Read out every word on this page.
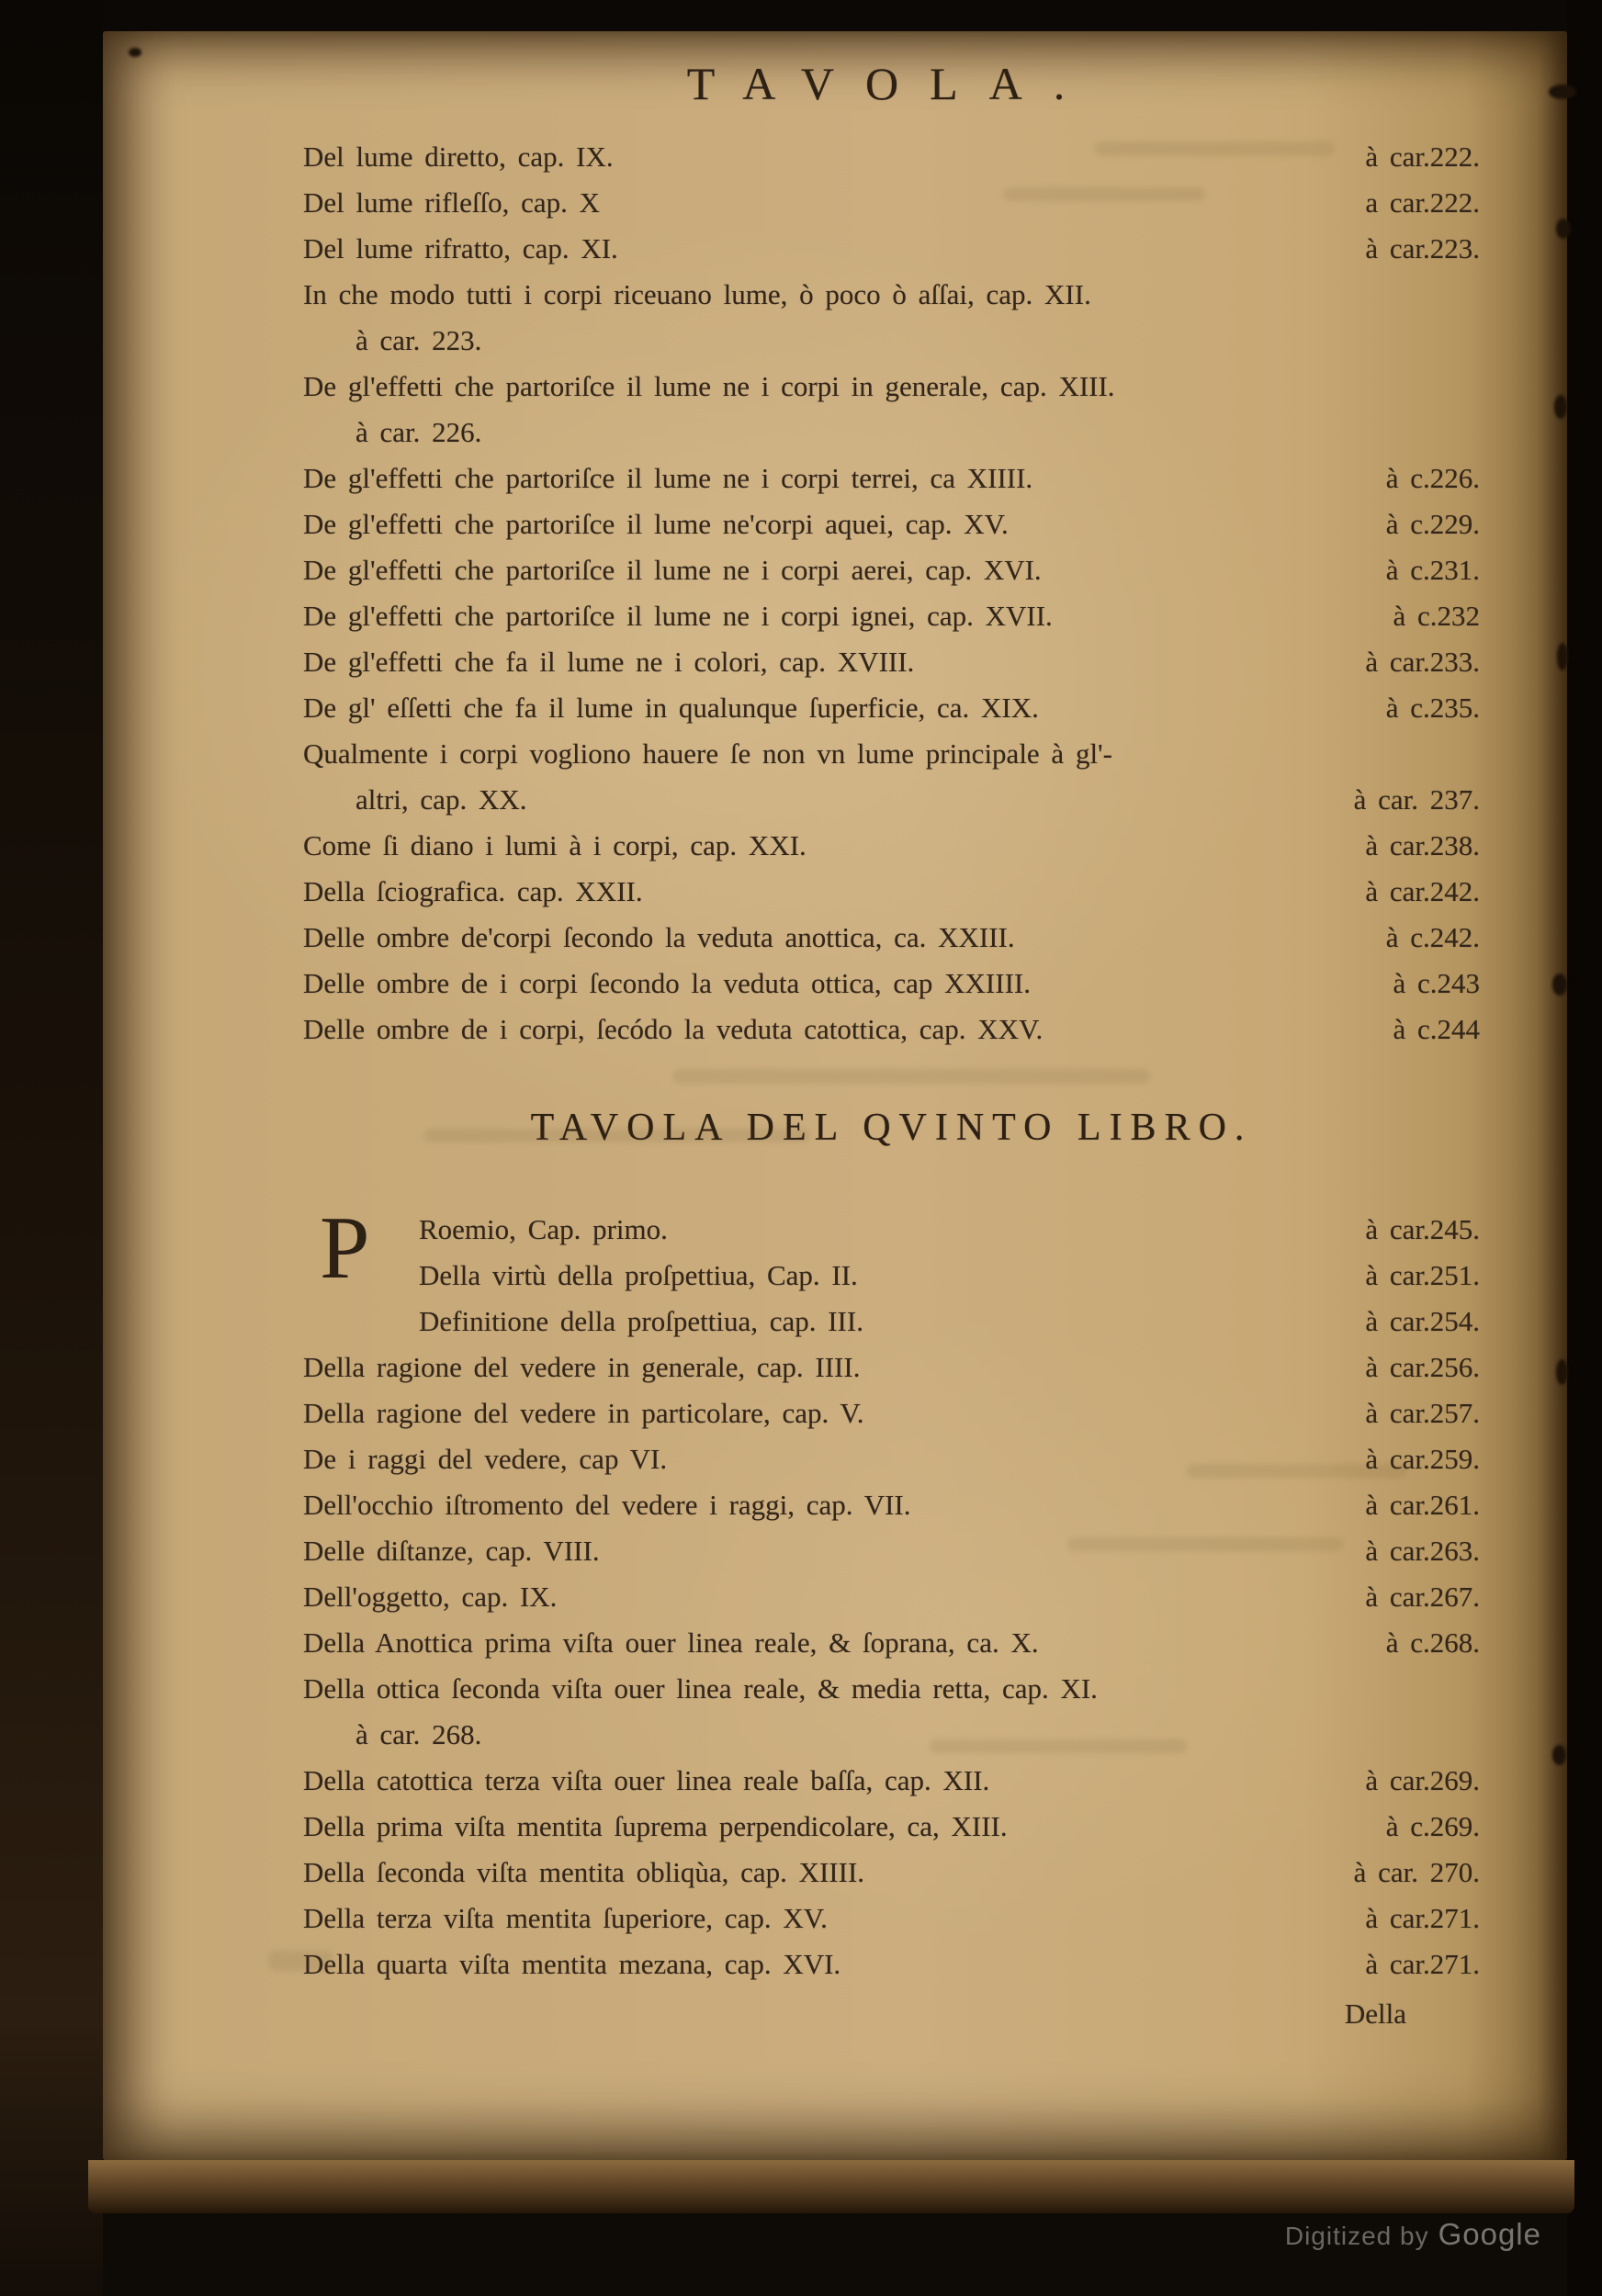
TAVOLA.
Del lume diretto, cap. IX.	à car.222.
Del lume rifleſſo, cap. X	a car.222.
Del lume rifratto, cap. XI.	à car.223.
In che modo tutti i corpi riceuano lume, ò poco ò aſſai, cap. XII.
à car. 223.
De gl'effetti che partoriſce il lume ne i corpi in generale, cap. XIII.
à car. 226.
De gl'effetti che partoriſce il lume ne i corpi terrei, ca XIIII.	à c.226.
De gl'effetti che partoriſce il lume ne'corpi aquei, cap. XV.	à c.229.
De gl'effetti che partoriſce il lume ne i corpi aerei, cap. XVI.	à c.231.
De gl'effetti che partoriſce il lume ne i corpi ignei, cap. XVII.	à c.232
De gl'effetti che fa il lume ne i colori, cap. XVIII.	à car.233.
De gl' eſſetti che fa il lume in qualunque ſuperficie, ca. XIX.	à c.235.
Qualmente i corpi vogliono hauere ſe non vn lume principale à gl'-
altri, cap. XX.	à car. 237.
Come ſi diano i lumi à i corpi, cap. XXI.	à car.238.
Della ſciografica. cap. XXII.	à car.242.
Delle ombre de'corpi ſecondo la veduta anottica, ca. XXIII.	à c.242.
Delle ombre de i corpi ſecondo la veduta ottica, cap XXIIII.	à c.243
Delle ombre de i corpi, ſecódo la veduta catottica, cap. XXV.	à c.244
TAVOLA DEL QVINTO LIBRO.
P	Roemio, Cap. primo.	à car.245.
Della virtù della proſpettiua, Cap. II.	à car.251.
Definitione della proſpettiua, cap. III.	à car.254.
Della ragione del vedere in generale, cap. IIII.	à car.256.
Della ragione del vedere in particolare, cap. V.	à car.257.
De i raggi del vedere, cap VI.	à car.259.
Dell'occhio iſtromento del vedere i raggi, cap. VII.	à car.261.
Delle diſtanze, cap. VIII.	à car.263.
Dell'oggetto, cap. IX.	à car.267.
Della Anottica prima viſta ouer linea reale, & ſoprana, ca. X.	à c.268.
Della ottica ſeconda viſta ouer linea reale, & media retta, cap. XI.
à car. 268.
Della catottica terza viſta ouer linea reale baſſa, cap. XII.	à car.269.
Della prima viſta mentita ſuprema perpendicolare, ca, XIII.	à c.269.
Della ſeconda viſta mentita obliqùa, cap. XIIII.	à car. 270.
Della terza viſta mentita ſuperiore, cap. XV.	à car.271.
Della quarta viſta mentita mezana, cap. XVI.	à car.271.
Della
Digitized by Google
